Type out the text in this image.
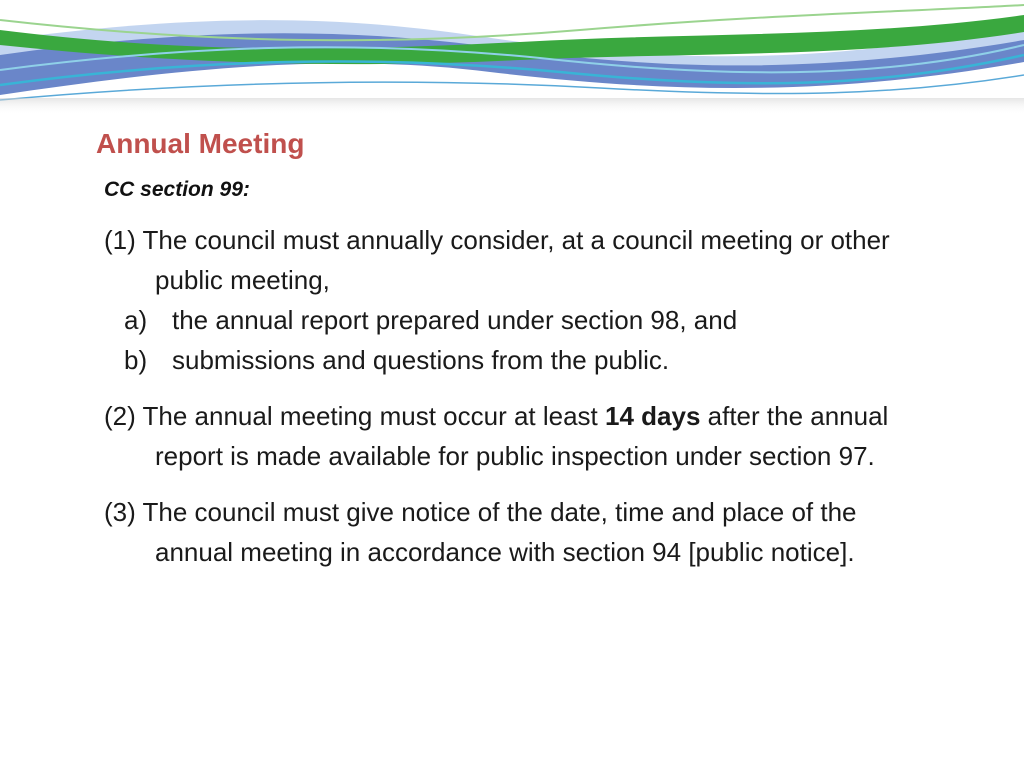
Annual Meeting

CC section 99:

(1) The council must annually consider, at a council meeting or other public meeting,

a) the annual report prepared under section 98, and
b) submissions and questions from the public.

(2) The annual meeting must occur at least 14 days after the annual report is made available for public inspection under section 97.

(3) The council must give notice of the date, time and place of the annual meeting in accordance with section 94 [public notice].
